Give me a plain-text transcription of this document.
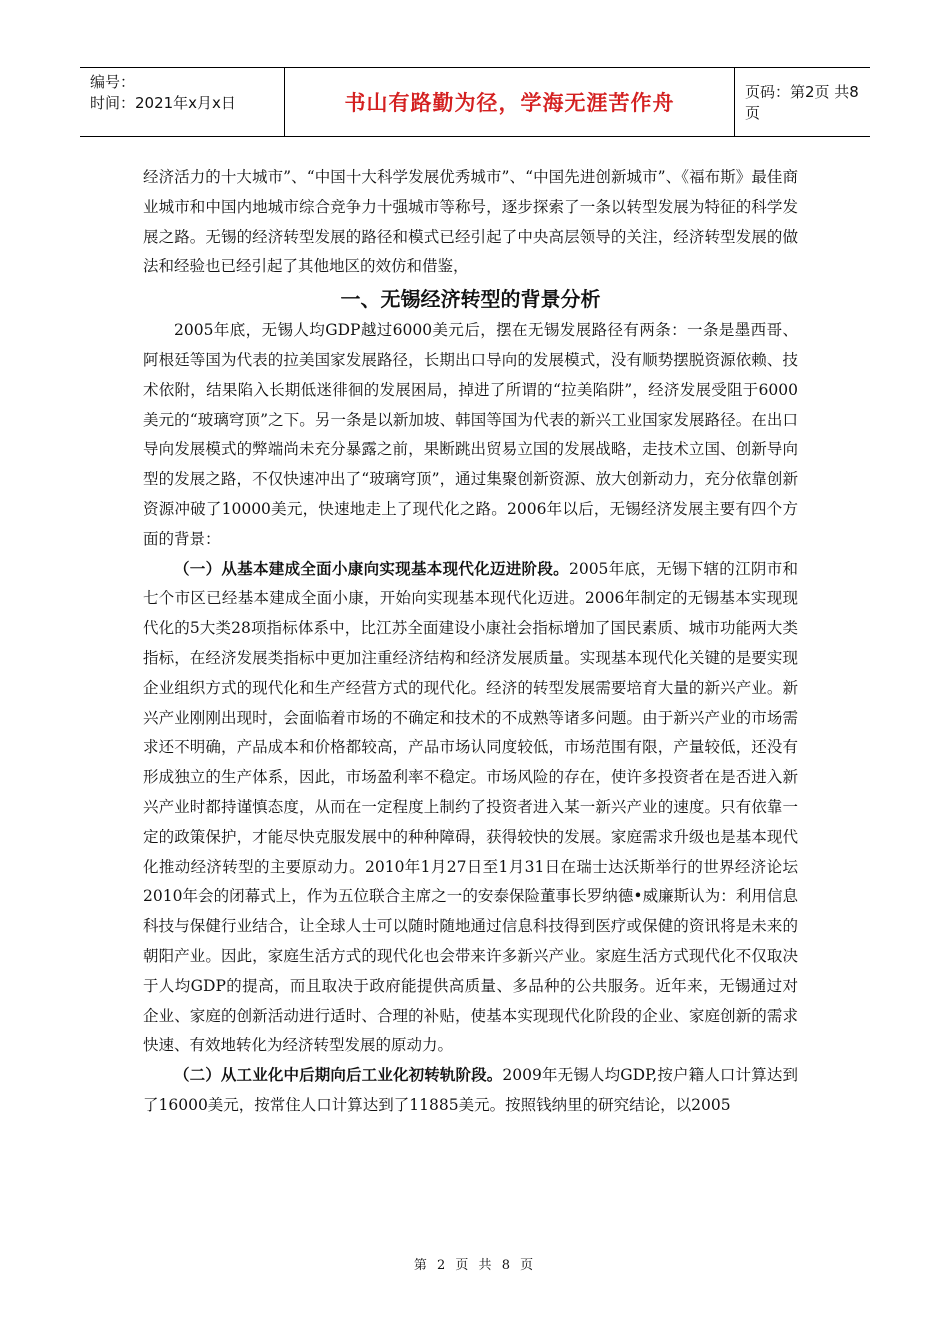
编号：
时间：2021年x月x日	书山有路勤为径，学海无涯苦作舟	页码：第2页 共8页

经济活力的十大城市”、“中国十大科学发展优秀城市”、“中国先进创新城市”、《福布斯》最佳商业城市和中国内地城市综合竞争力十强城市等称号，逐步探索了一条以转型发展为特征的科学发展之路。无锡的经济转型发展的路径和模式已经引起了中央高层领导的关注，经济转型发展的做法和经验也已经引起了其他地区的效仿和借鉴，

一、无锡经济转型的背景分析

2005年底，无锡人均GDP越过6000美元后，摆在无锡发展路径有两条：一条是墨西哥、阿根廷等国为代表的拉美国家发展路径，长期出口导向的发展模式，没有顺势摆脱资源依赖、技术依附，结果陷入长期低迷徘徊的发展困局，掉进了所谓的“拉美陷阱”，经济发展受阻于6000美元的“玻璃穹顶”之下。另一条是以新加坡、韩国等国为代表的新兴工业国家发展路径。在出口导向发展模式的弊端尚未充分暴露之前，果断跳出贸易立国的发展战略，走技术立国、创新导向型的发展之路，不仅快速冲出了“玻璃穹顶”，通过集聚创新资源、放大创新动力，充分依靠创新资源冲破了10000美元，快速地走上了现代化之路。2006年以后，无锡经济发展主要有四个方面的背景：

（一）从基本建成全面小康向实现基本现代化迈进阶段。2005年底，无锡下辖的江阴市和七个市区已经基本建成全面小康，开始向实现基本现代化迈进。2006年制定的无锡基本实现现代化的5大类28项指标体系中，比江苏全面建设小康社会指标增加了国民素质、城市功能两大类指标，在经济发展类指标中更加注重经济结构和经济发展质量。实现基本现代化关键的是要实现企业组织方式的现代化和生产经营方式的现代化。经济的转型发展需要培育大量的新兴产业。新兴产业刚刚出现时，会面临着市场的不确定和技术的不成熟等诸多问题。由于新兴产业的市场需求还不明确，产品成本和价格都较高，产品市场认同度较低，市场范围有限，产量较低，还没有形成独立的生产体系，因此，市场盈利率不稳定。市场风险的存在，使许多投资者在是否进入新兴产业时都持谨慎态度，从而在一定程度上制约了投资者进入某一新兴产业的速度。只有依靠一定的政策保护，才能尽快克服发展中的种种障碍，获得较快的发展。家庭需求升级也是基本现代化推动经济转型的主要原动力。2010年1月27日至1月31日在瑞士达沃斯举行的世界经济论坛2010年会的闭幕式上，作为五位联合主席之一的安泰保险董事长罗纳德•威廉斯认为：利用信息科技与保健行业结合，让全球人士可以随时随地通过信息科技得到医疗或保健的资讯将是未来的朝阳产业。因此，家庭生活方式的现代化也会带来许多新兴产业。家庭生活方式现代化不仅取决于人均GDP的提高，而且取决于政府能提供高质量、多品种的公共服务。近年来，无锡通过对企业、家庭的创新活动进行适时、合理的补贴，使基本实现现代化阶段的企业、家庭创新的需求快速、有效地转化为经济转型发展的原动力。

（二）从工业化中后期向后工业化初转轨阶段。2009年无锡人均GDP,按户籍人口计算达到了16000美元，按常住人口计算达到了11885美元。按照钱纳里的研究结论，以2005

第 2 页 共 8 页
